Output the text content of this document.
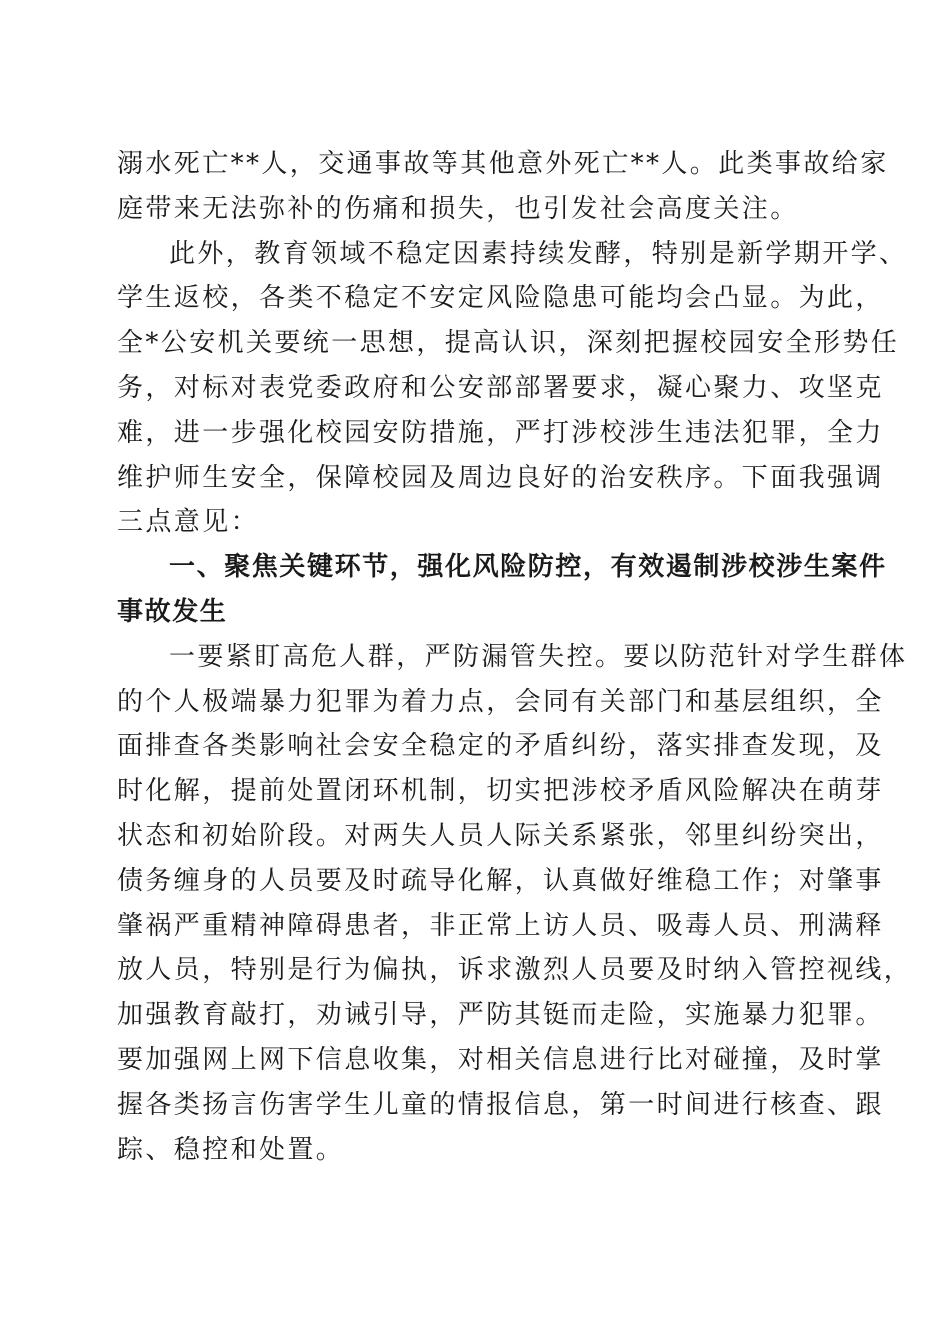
溺水死亡**人，交通事故等其他意外死亡**人。此类事故给家
庭带来无法弥补的伤痛和损失，也引发社会高度关注。
此外，教育领域不稳定因素持续发酵，特别是新学期开学、
学生返校，各类不稳定不安定风险隐患可能均会凸显。为此，
全*公安机关要统一思想，提高认识，深刻把握校园安全形势任
务，对标对表党委政府和公安部部署要求，凝心聚力、攻坚克
难，进一步强化校园安防措施，严打涉校涉生违法犯罪，全力
维护师生安全，保障校园及周边良好的治安秩序。下面我强调
三点意见：
一、聚焦关键环节，强化风险防控，有效遏制涉校涉生案件
事故发生
一要紧盯高危人群，严防漏管失控。要以防范针对学生群体
的个人极端暴力犯罪为着力点，会同有关部门和基层组织，全
面排查各类影响社会安全稳定的矛盾纠纷，落实排查发现，及
时化解，提前处置闭环机制，切实把涉校矛盾风险解决在萌芽
状态和初始阶段。对两失人员人际关系紧张，邻里纠纷突出，
债务缠身的人员要及时疏导化解，认真做好维稳工作；对肇事
肇祸严重精神障碍患者，非正常上访人员、吸毒人员、刑满释
放人员，特别是行为偏执，诉求激烈人员要及时纳入管控视线，
加强教育敲打，劝诫引导，严防其铤而走险，实施暴力犯罪。
要加强网上网下信息收集，对相关信息进行比对碰撞，及时掌
握各类扬言伤害学生儿童的情报信息，第一时间进行核查、跟
踪、稳控和处置。
